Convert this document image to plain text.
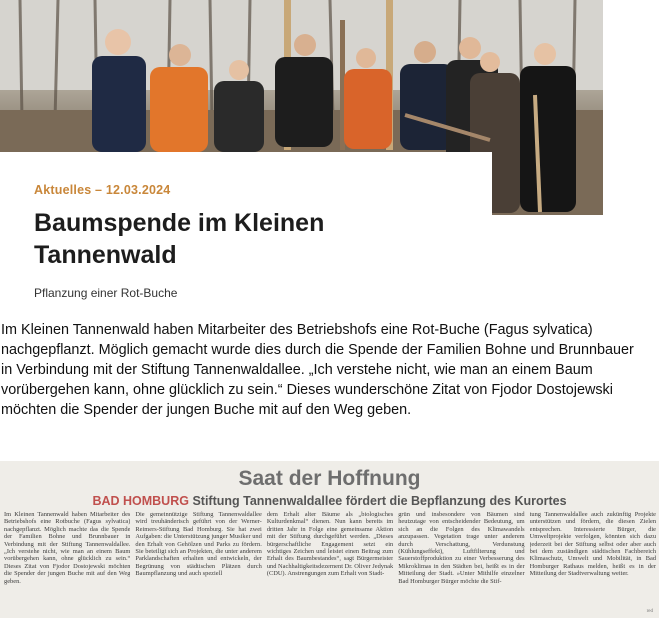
Aktuelles – 12.03.2024
Baumspende im Kleinen Tannenwald
Pflanzung einer Rot-Buche
Im Kleinen Tannenwald haben Mitarbeiter des Betriebshofs eine Rot-Buche (Fagus sylvatica) nachgepflanzt. Möglich gemacht wurde dies durch die Spende der Familien Bohne und Brunnbauer in Verbindung mit der Stiftung Tannenwaldallee. „Ich verstehe nicht, wie man an einem Baum vorübergehen kann, ohne glücklich zu sein.“ Dieses wunderschöne Zitat von Fjodor Dostojewski möchten die Spender der jungen Buche mit auf den Weg geben.
Saat der Hoffnung
BAD HOMBURG Stiftung Tannenwaldallee fördert die Bepflanzung des Kurortes
Im Kleinen Tannenwald haben Mitarbeiter des Betriebshofs eine Rotbuche (Fagus sylvatica) nachgepflanzt. Möglich machte das die Spende der Familien Bohne und Brunnbauer in Verbindung mit der Stiftung Tannenwaldallee. „Ich verstehe nicht, wie man an einem Baum vorübergehen kann, ohne glücklich zu sein.“ Dieses Zitat von Fjodor Dostojewski möchten die Spender der jungen Buche mit auf den Weg geben.
Die gemeinnützige Stiftung Tannenwaldallee wird treuhänderisch geführt von der Werner-Reimers-Stiftung Bad Homburg. Sie hat zwei Aufgaben: die Unterstützung junger Musiker und den Erhalt von Gehölzen und Parks zu fördern. Sie beteiligt sich an Projekten, die unter anderem Parklandschaften erhalten und entwickeln, der Begrünung von städtischen Plätzen durch Baumpflanzung und auch speziell
dem Erhalt alter Bäume als „biologisches Kulturdenkmal“ dienen. Nun kann bereits im dritten Jahr in Folge eine gemeinsame Aktion mit der Stiftung durchgeführt werden. „Dieses bürgerschaftliche Engagement setzt ein wichtiges Zeichen und leistet einen Beitrag zum Erhalt des Baumbestandes“, sagt Bürgermeister und Nachhaltigkeitsdezernent Dr. Oliver Jedynak (CDU). Anstrengungen zum Erhalt von Stadt-
grün und insbesondere von Bäumen sind heutzutage von entscheidender Bedeutung, um sich an die Folgen des Klimawandels anzupassen. Vegetation trage unter anderem durch Verschattung, Verdunstung (Kühlungseffekt), Luftfilterung und Sauerstoffproduktion zu einer Verbesserung des Mikroklimas in den Städten bei, heißt es in der Mitteilung der Stadt. »Unter Mithilfe einzelner Bad Homburger Bürger möchte die Stif-
tung Tannenwaldallee auch zukünftig Projekte unterstützen und fördern, die diesen Zielen entsprechen. Interessierte Bürger, die Umweltprojekte verfolgen, könnten sich dazu jederzeit bei der Stiftung selbst oder aber auch bei dem zuständigen städtischen Fachbereich Klimaschutz, Umwelt und Mobilität, in Bad Homburger Rathaus melden, heißt es in der Mitteilung der Stadtverwaltung weiter.
red
